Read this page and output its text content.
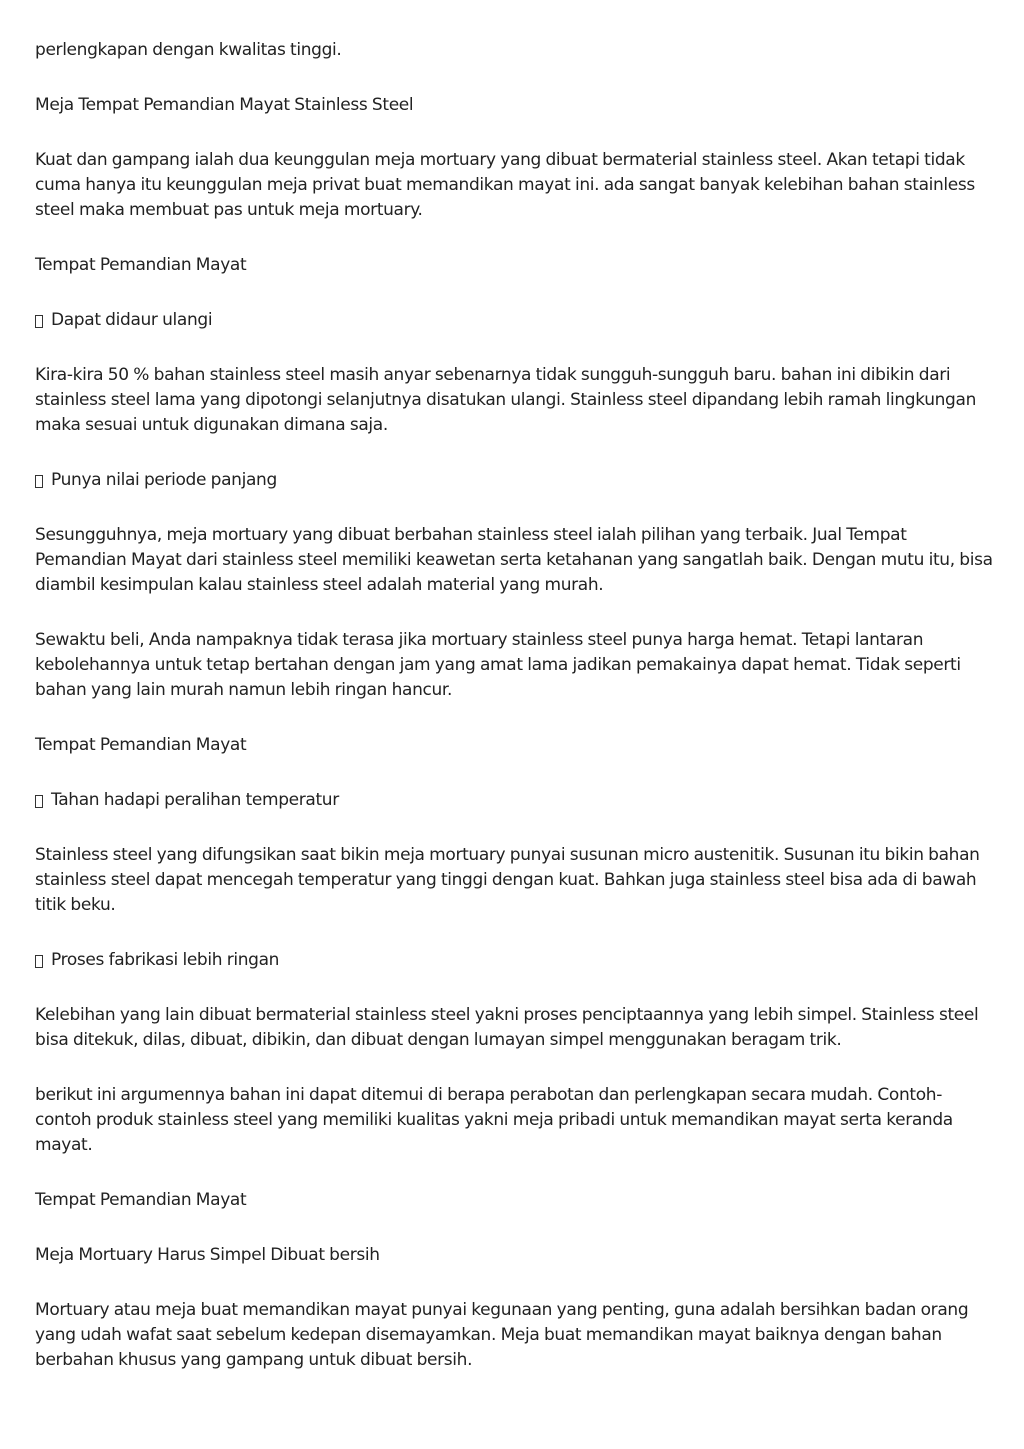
perlengkapan dengan kwalitas tinggi.

Meja Tempat Pemandian Mayat Stainless Steel

Kuat dan gampang ialah dua keunggulan meja mortuary yang dibuat bermaterial stainless steel. Akan tetapi tidak cuma hanya itu keunggulan meja privat buat memandikan mayat ini. ada sangat banyak kelebihan bahan stainless steel maka membuat pas untuk meja mortuary.

Tempat Pemandian Mayat

Dapat didaur ulangi

Kira-kira 50 % bahan stainless steel masih anyar sebenarnya tidak sungguh-sungguh baru. bahan ini dibikin dari stainless steel lama yang dipotongi selanjutnya disatukan ulangi. Stainless steel dipandang lebih ramah lingkungan maka sesuai untuk digunakan dimana saja.

Punya nilai periode panjang

Sesungguhnya, meja mortuary yang dibuat berbahan stainless steel ialah pilihan yang terbaik. Jual Tempat Pemandian Mayat dari stainless steel memiliki keawetan serta ketahanan yang sangatlah baik. Dengan mutu itu, bisa diambil kesimpulan kalau stainless steel adalah material yang murah.

Sewaktu beli, Anda nampaknya tidak terasa jika mortuary stainless steel punya harga hemat. Tetapi lantaran kebolehannya untuk tetap bertahan dengan jam yang amat lama jadikan pemakainya dapat hemat. Tidak seperti bahan yang lain murah namun lebih ringan hancur.

Tempat Pemandian Mayat

Tahan hadapi peralihan temperatur

Stainless steel yang difungsikan saat bikin meja mortuary punyai susunan micro austenitik. Susunan itu bikin bahan stainless steel dapat mencegah temperatur yang tinggi dengan kuat. Bahkan juga stainless steel bisa ada di bawah titik beku.

Proses fabrikasi lebih ringan

Kelebihan yang lain dibuat bermaterial stainless steel yakni proses penciptaannya yang lebih simpel. Stainless steel bisa ditekuk, dilas, dibuat, dibikin, dan dibuat dengan lumayan simpel menggunakan beragam trik.

berikut ini argumennya bahan ini dapat ditemui di berapa perabotan dan perlengkapan secara mudah. Contoh-contoh produk stainless steel yang memiliki kualitas yakni meja pribadi untuk memandikan mayat serta keranda mayat.

Tempat Pemandian Mayat

Meja Mortuary Harus Simpel Dibuat bersih

Mortuary atau meja buat memandikan mayat punyai kegunaan yang penting, guna adalah bersihkan badan orang yang udah wafat saat sebelum kedepan disemayamkan. Meja buat memandikan mayat baiknya dengan bahan berbahan khusus yang gampang untuk dibuat bersih.
